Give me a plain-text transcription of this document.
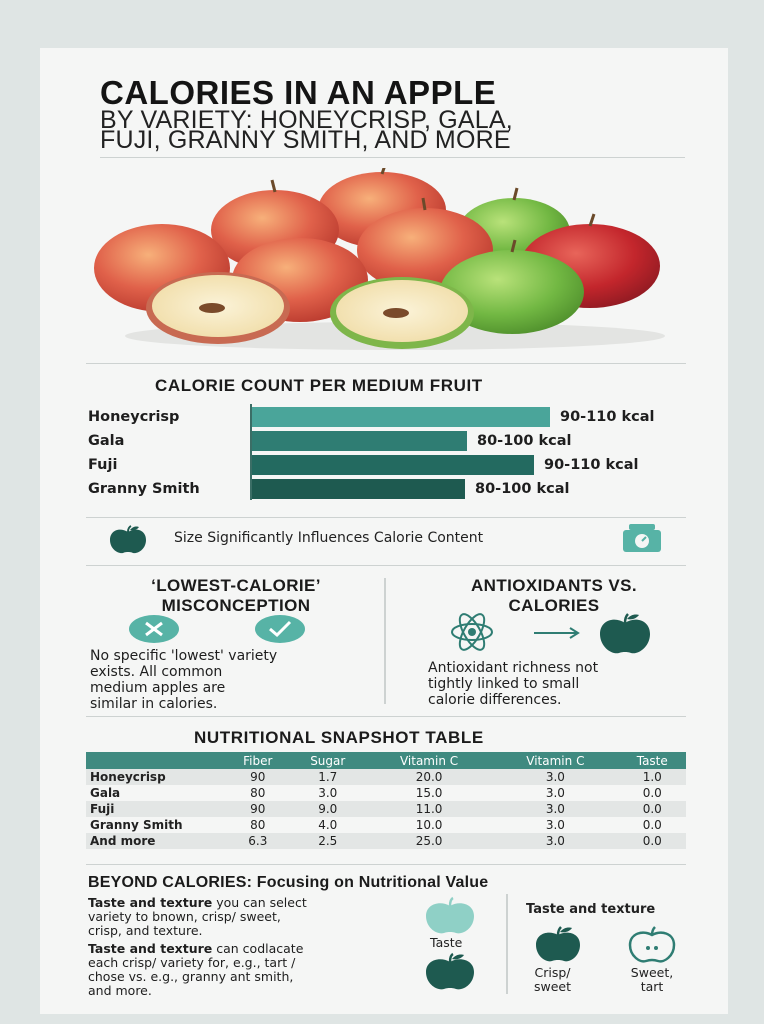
CALORIES IN AN APPLE
BY VARIETY: HONEYCRISP, GALA,
FUJI, GRANNY SMITH, AND MORE
CALORIE COUNT PER MEDIUM FRUIT
Honeycrisp	90-110 kcal
Gala	80-100 kcal
Fuji	90-110 kcal
Granny Smith	80-100 kcal
Size Significantly Influences Calorie Content
‘LOWEST-CALORIE’
MISCONCEPTION
No specific 'lowest' variety
exists. All common
medium apples are
similar in calories.
ANTIOXIDANTS VS.
CALORIES
Antioxidant richness not
tightly linked to small
calorie differences.
NUTRITIONAL SNAPSHOT TABLE
	Fiber	Sugar	Vitamin C	Vitamin C	Taste
Honeycrisp	90	1.7	20.0	3.0	1.0
Gala	80	3.0	15.0	3.0	0.0
Fuji	90	9.0	11.0	3.0	0.0
Granny Smith	80	4.0	10.0	3.0	0.0
And more	6.3	2.5	25.0	3.0	0.0
BEYOND CALORIES: Focusing on Nutritional Value
Taste and texture you can select
variety to bnown, crisp/ sweet,
crisp, and texture.
Taste and texture can codlacate
each crisp/ variety for, e.g., tart /
chose vs. e.g., granny ant smith,
and more.
Taste
Taste and texture
Crisp/
sweet
Sweet,
tart
